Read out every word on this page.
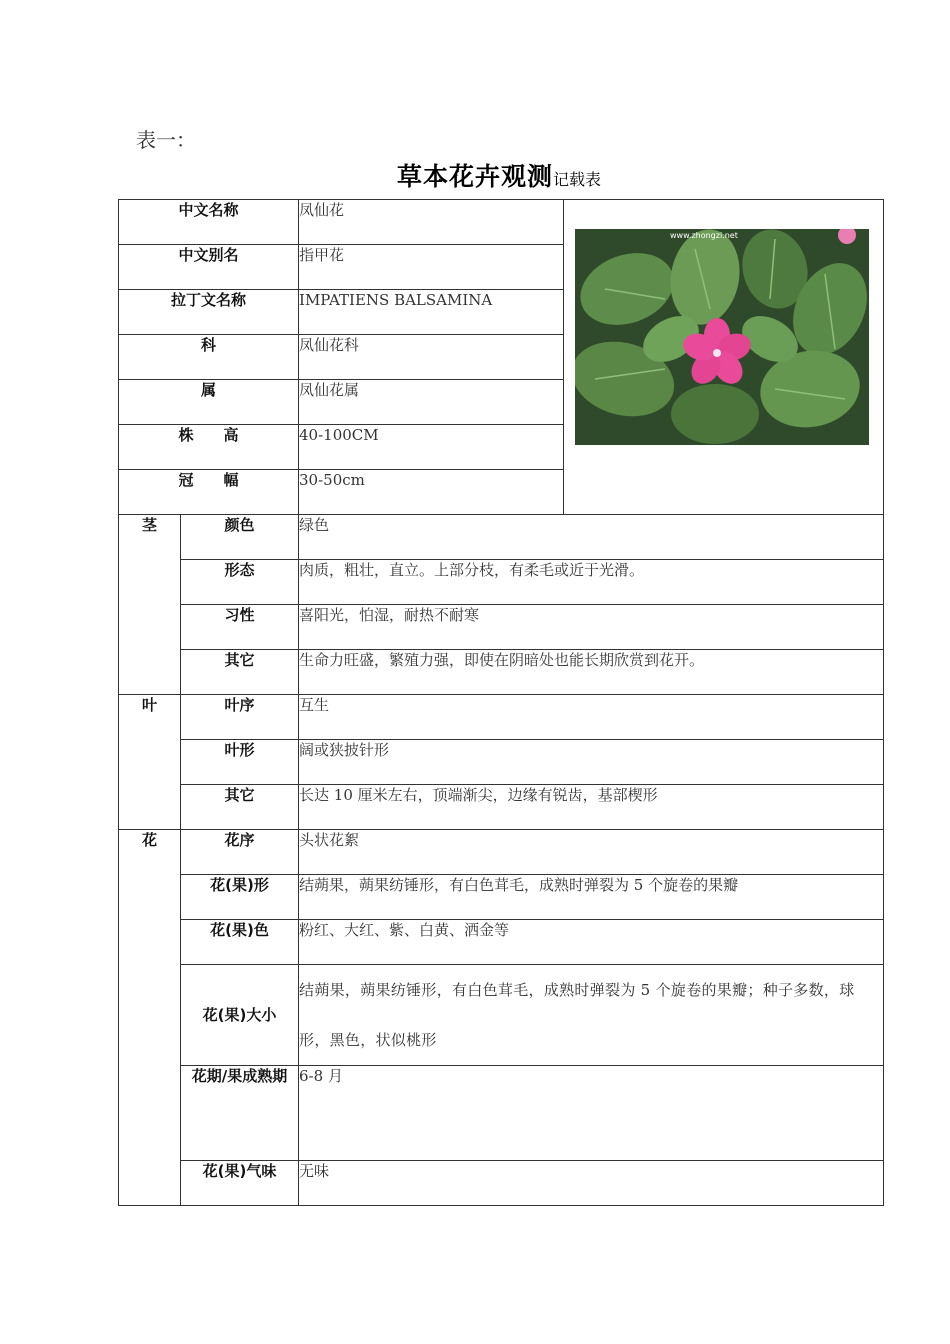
表一：
草本花卉观测记载表
中文名称		凤仙花	www.zhongzi.net

中文别名		指甲花	
拉丁文名称		IMPATIENS BALSAMINA	
科		凤仙花科	
属		凤仙花属	
株　　高		40-100CM	
冠　　幅		30-50cm	
茎	颜色	绿色	
	形态	肉质，粗壮，直立。上部分枝，有柔毛或近于光滑。	
	习性	喜阳光，怕湿，耐热不耐寒	
	其它	生命力旺盛，繁殖力强，即使在阴暗处也能长期欣赏到花开。	
叶	叶序	互生	
	叶形	阔或狭披针形	
	其它	长达 10 厘米左右，顶端渐尖，边缘有锐齿，基部楔形	
花	花序	头状花絮	
	花(果)形	结蒴果，蒴果纺锤形，有白色茸毛，成熟时弹裂为 5 个旋卷的果瓣	
	花(果)色	粉红、大红、紫、白黄、洒金等	
	花(果)大小	结蒴果，蒴果纺锤形，有白色茸毛，成熟时弹裂为 5 个旋卷的果瓣；种子多数，球形，黑色，状似桃形	
	花期/果成熟期	6-8 月	
	花(果)气味	无味	
